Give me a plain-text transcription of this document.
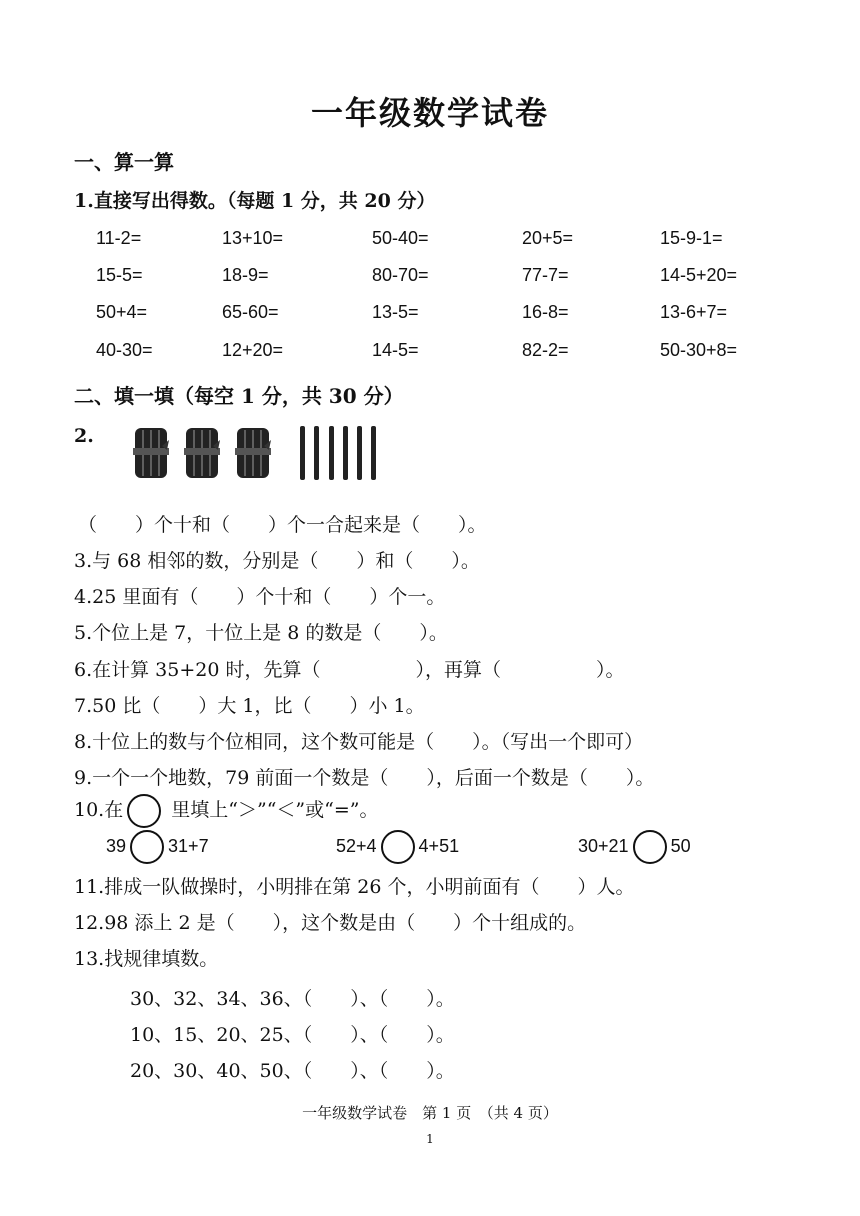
一年级数学试卷
一、算一算
1.直接写出得数。（每题 1 分，共 20 分）
11-2=	13+10=	50-40=	20+5=	15-9-1=
15-5=	18-9=	80-70=	77-7=	14-5+20=
50+4=	65-60=	13-5=	16-8=	13-6+7=
40-30=	12+20=	14-5=	82-2=	50-30+8=
二、填一填（每空 1 分，共 30 分）
2.

（　　）个十和（　　）个一合起来是（　　）。
3.与 68 相邻的数，分别是（　　）和（　　）。
4.25 里面有（　　）个十和（　　）个一。
5.个位上是 7，十位上是 8 的数是（　　）。
6.在计算 35+20 时，先算（　　　　　），再算（　　　　　）。
7.50 比（　　）大 1，比（　　）小 1。
8.十位上的数与个位相同，这个数可能是（　　）。（写出一个即可）
9.一个一个地数，79 前面一个数是（　　），后面一个数是（　　）。
10.在	里填上“＞”“＜”或“=”。
39 31+7	52+4 4+51	30+21 50
11.排成一队做操时，小明排在第 26 个，小明前面有（　　）人。
12.98 添上 2 是（　　），这个数是由（　　）个十组成的。
13.找规律填数。
30、32、34、36、（　　）、（　　）。
10、15、20、25、（　　）、（　　）。
20、30、40、50、（　　）、（　　）。
一年级数学试卷　第 1 页　（共 4 页）
1
